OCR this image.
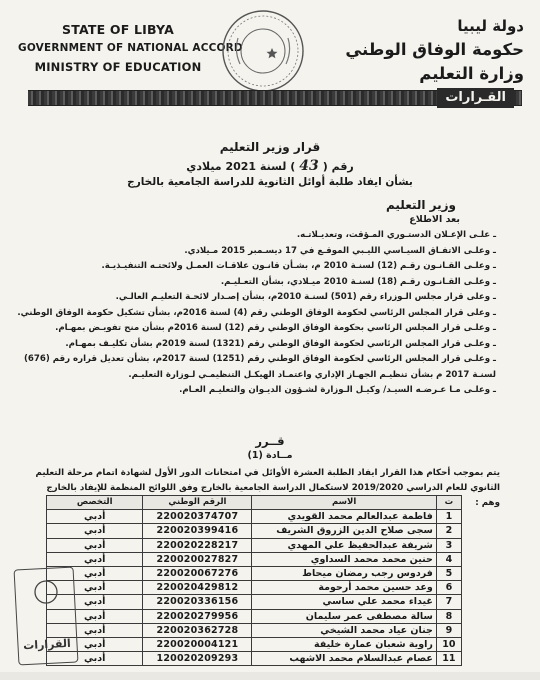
STATE OF LIBYA
GOVERNMENT OF NATIONAL ACCORD
MINISTRY OF EDUCATION
دولة ليبيا
حكومة الوفاق الوطني
وزارة التعليم
القـرارات
قرار وزير التعليم
رقم (43) لسنة 2021 ميلادي
بشأن ايفاد طلبة أوائل الثانوية للدراسة الجامعية بالخارج
وزير التعليم
بعد الاطلاع
ـ علـى الإعـلان الدستـوري المـؤقت، وتعديـلاتـه.
ـ وعلـى الاتفـاق السيـاسي الليـبي الموقـع في 17 ديسـمبر 2015 مـيلادي.
ـ وعلـى القـانـون رقـم (12) لسنـة 2010 م، بشـأن قانـون علاقـات العمـل ولائحتـه التنفيـذيـة.
ـ وعلـى القـانـون رقـم (18) لسنـة 2010 ميـلادي، بشأن التعـليـم.
ـ وعلى قرار مجلس الـوزراء رقم (501) لسنـة 2010م، بشأن إصـدار لائحـة التعليـم العالـي.
ـ وعلى قرار المجلس الرئاسي لحكومة الوفاق الوطني رقم (4) لسنة 2016م، بشأن تشكيل حكومة الوفاق الوطني.
ـ وعلـى قرار المجلس الرئاسي بحكومة الوفاق الوطني رقم (12) لسنة 2016م بشأن منح تفويـض بمهـام.
ـ وعلـى قرار المجلس الرئاسي لحكومة الوفاق الوطني رقم (1321) لسنة 2019م بشأن تكليـف بمهـام.
ـ وعلـى قرار المجلس الرئاسي لحكومة الوفاق الوطني رقم (1251) لسنة 2017م، بشأن تعديل قراره رقم (676)
لسنـة 2017 م بشأن تنظيـم الجهـاز الإداري واعتمـاد الهيكـل التنظيمـي لـوزارة التعليـم.
ـ وعلـى مـا عـرضـه السيـد/ وكيـل الـوزارة لشـؤون الديـوان والتعليـم العـام.
قــرر
مــادة (1)
يتم بموجب أحكام هذا القرار ايفاد الطلبة العشرة الأوائل في امتحانات الدور الأول لشهادة اتمام مرحلة التعليم
الثانوي للعام الدراسي 2019/2020 لاستكمال الدراسة الجامعية بالخارج وفق اللوائح المنظمة للإيفاد بالخارج
وهم :
التخصص	الرقم الوطني	الاسم	ت
أدبي	220020374707	فاطمة عبدالعالم محمد القويدي	1
أدبي	220020399416	سجى صلاح الدين الزروق الشريف	2
أدبي	220020228217	شريفة عبدالحفيظ علي المهدي	3
أدبي	220020027827	حنين محمد محمد السداوي	4
أدبي	220020067276	فردوس رجب رمضان ميحاط	5
أدبي	220020429812	وعد حسين محمد أرحومة	6
أدبي	220020336156	غيداء محمد علي ساسي	7
أدبي	220020279956	سالة مصطفى عمر سليمان	8
أدبي	220020362728	جنان عياد محمد الشيخي	9
أدبي	220020004121	راوية شعبان عمارة خليفة	10
أدبي	120020209293	عصام عبدالسلام محمد الاشهب	11
القرارات
